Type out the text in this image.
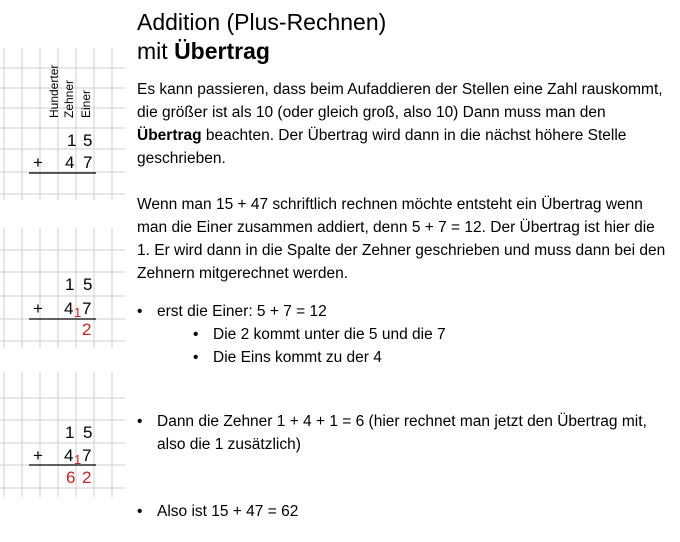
Addition (Plus-Rechnen)
mit Übertrag

Es kann passieren, dass beim Aufaddieren der Stellen eine Zahl rauskommt, die größer ist als 10 (oder gleich groß, also 10) Dann muss man den Übertrag beachten. Der Übertrag wird dann in die nächst höhere Stelle geschrieben.

Wenn man 15 + 47 schriftlich rechnen möchte entsteht ein Übertrag wenn man die Einer zusammen addiert, denn 5 + 7 = 12. Der Übertrag ist hier die 1. Er wird dann in die Spalte der Zehner geschrieben und muss dann bei den Zehnern mitgerechnet werden.

• erst die Einer: 5 + 7 = 12
• Die 2 kommt unter die 5 und die 7
• Die Eins kommt zu der 4
• Dann die Zehner 1 + 4 + 1 = 6 (hier rechnet man jetzt den Übertrag mit, also die 1 zusätzlich)
• Also ist 15 + 47 = 62
Hunderter Zehner Einer
1 5
+ 4 7
1 5
+ 4 1 7
2
1 5
+ 4 1 7
6 2
